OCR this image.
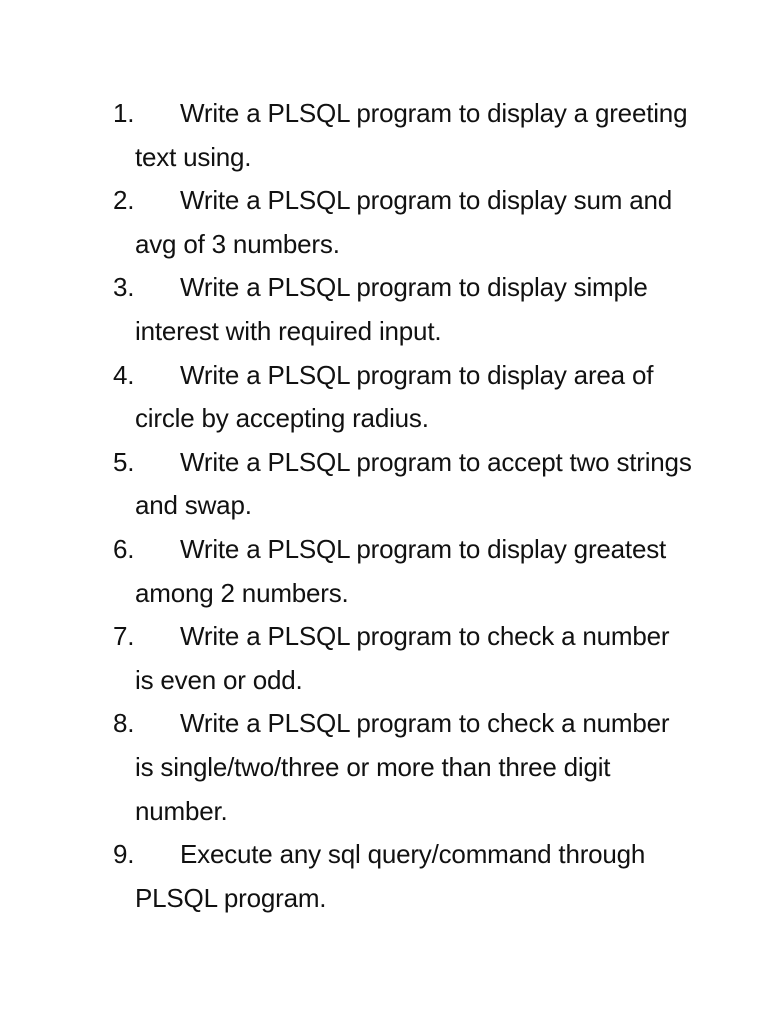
1.	Write a PLSQL program to display a greeting text using.
2.	Write a PLSQL program to display sum and avg of 3 numbers.
3.	Write a PLSQL program to display simple interest with required input.
4.	Write a PLSQL program to display area of circle by accepting radius.
5.	Write a PLSQL program to accept two strings and swap.
6.	Write a PLSQL program to display greatest among 2 numbers.
7.	Write a PLSQL program to check a number is even or odd.
8.	Write a PLSQL program to check a number is single/two/three or more than three digit number.
9.	Execute any sql query/command through PLSQL program.
